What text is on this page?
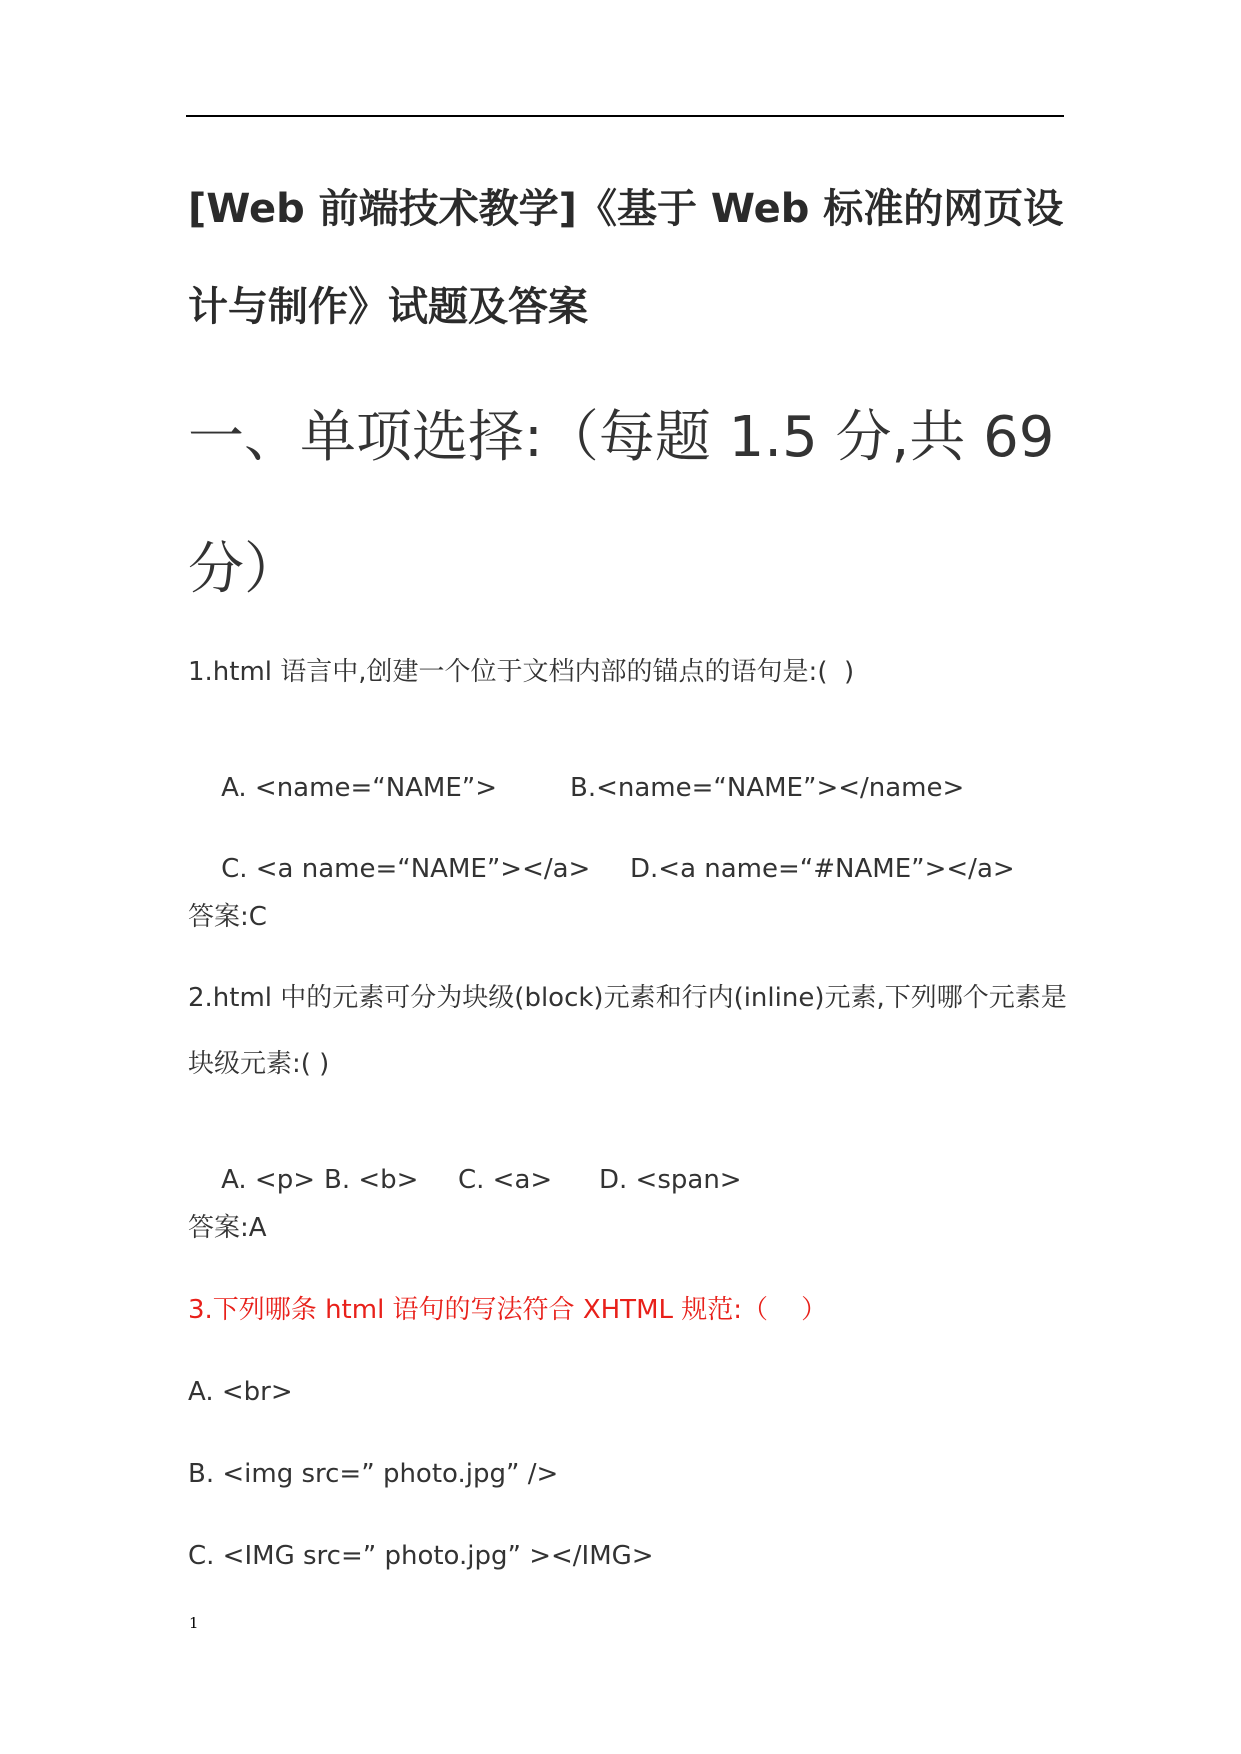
[Web 前端技术教学]《基于 Web 标准的网页设计与制作》试题及答案
一、单项选择:（每题 1.5 分,共 69 分）

1.html 语言中,创建一个位于文档内部的锚点的语句是:(  )

A. <name=“NAME”>	B.<name=“NAME”></name>

C. <a name=“NAME”></a> D.<a name=“#NAME”></a>

答案:C

2.html 中的元素可分为块级(block)元素和行内(inline)元素,下列哪个元素是块级元素:( )

A. <p> B. <b> C. <a> D. <span>

答案:A

3.下列哪条 html 语句的写法符合 XHTML 规范:（    ）

A. <br>

B. <img src=” photo.jpg” />

C. <IMG src=” photo.jpg” ></IMG>

1
